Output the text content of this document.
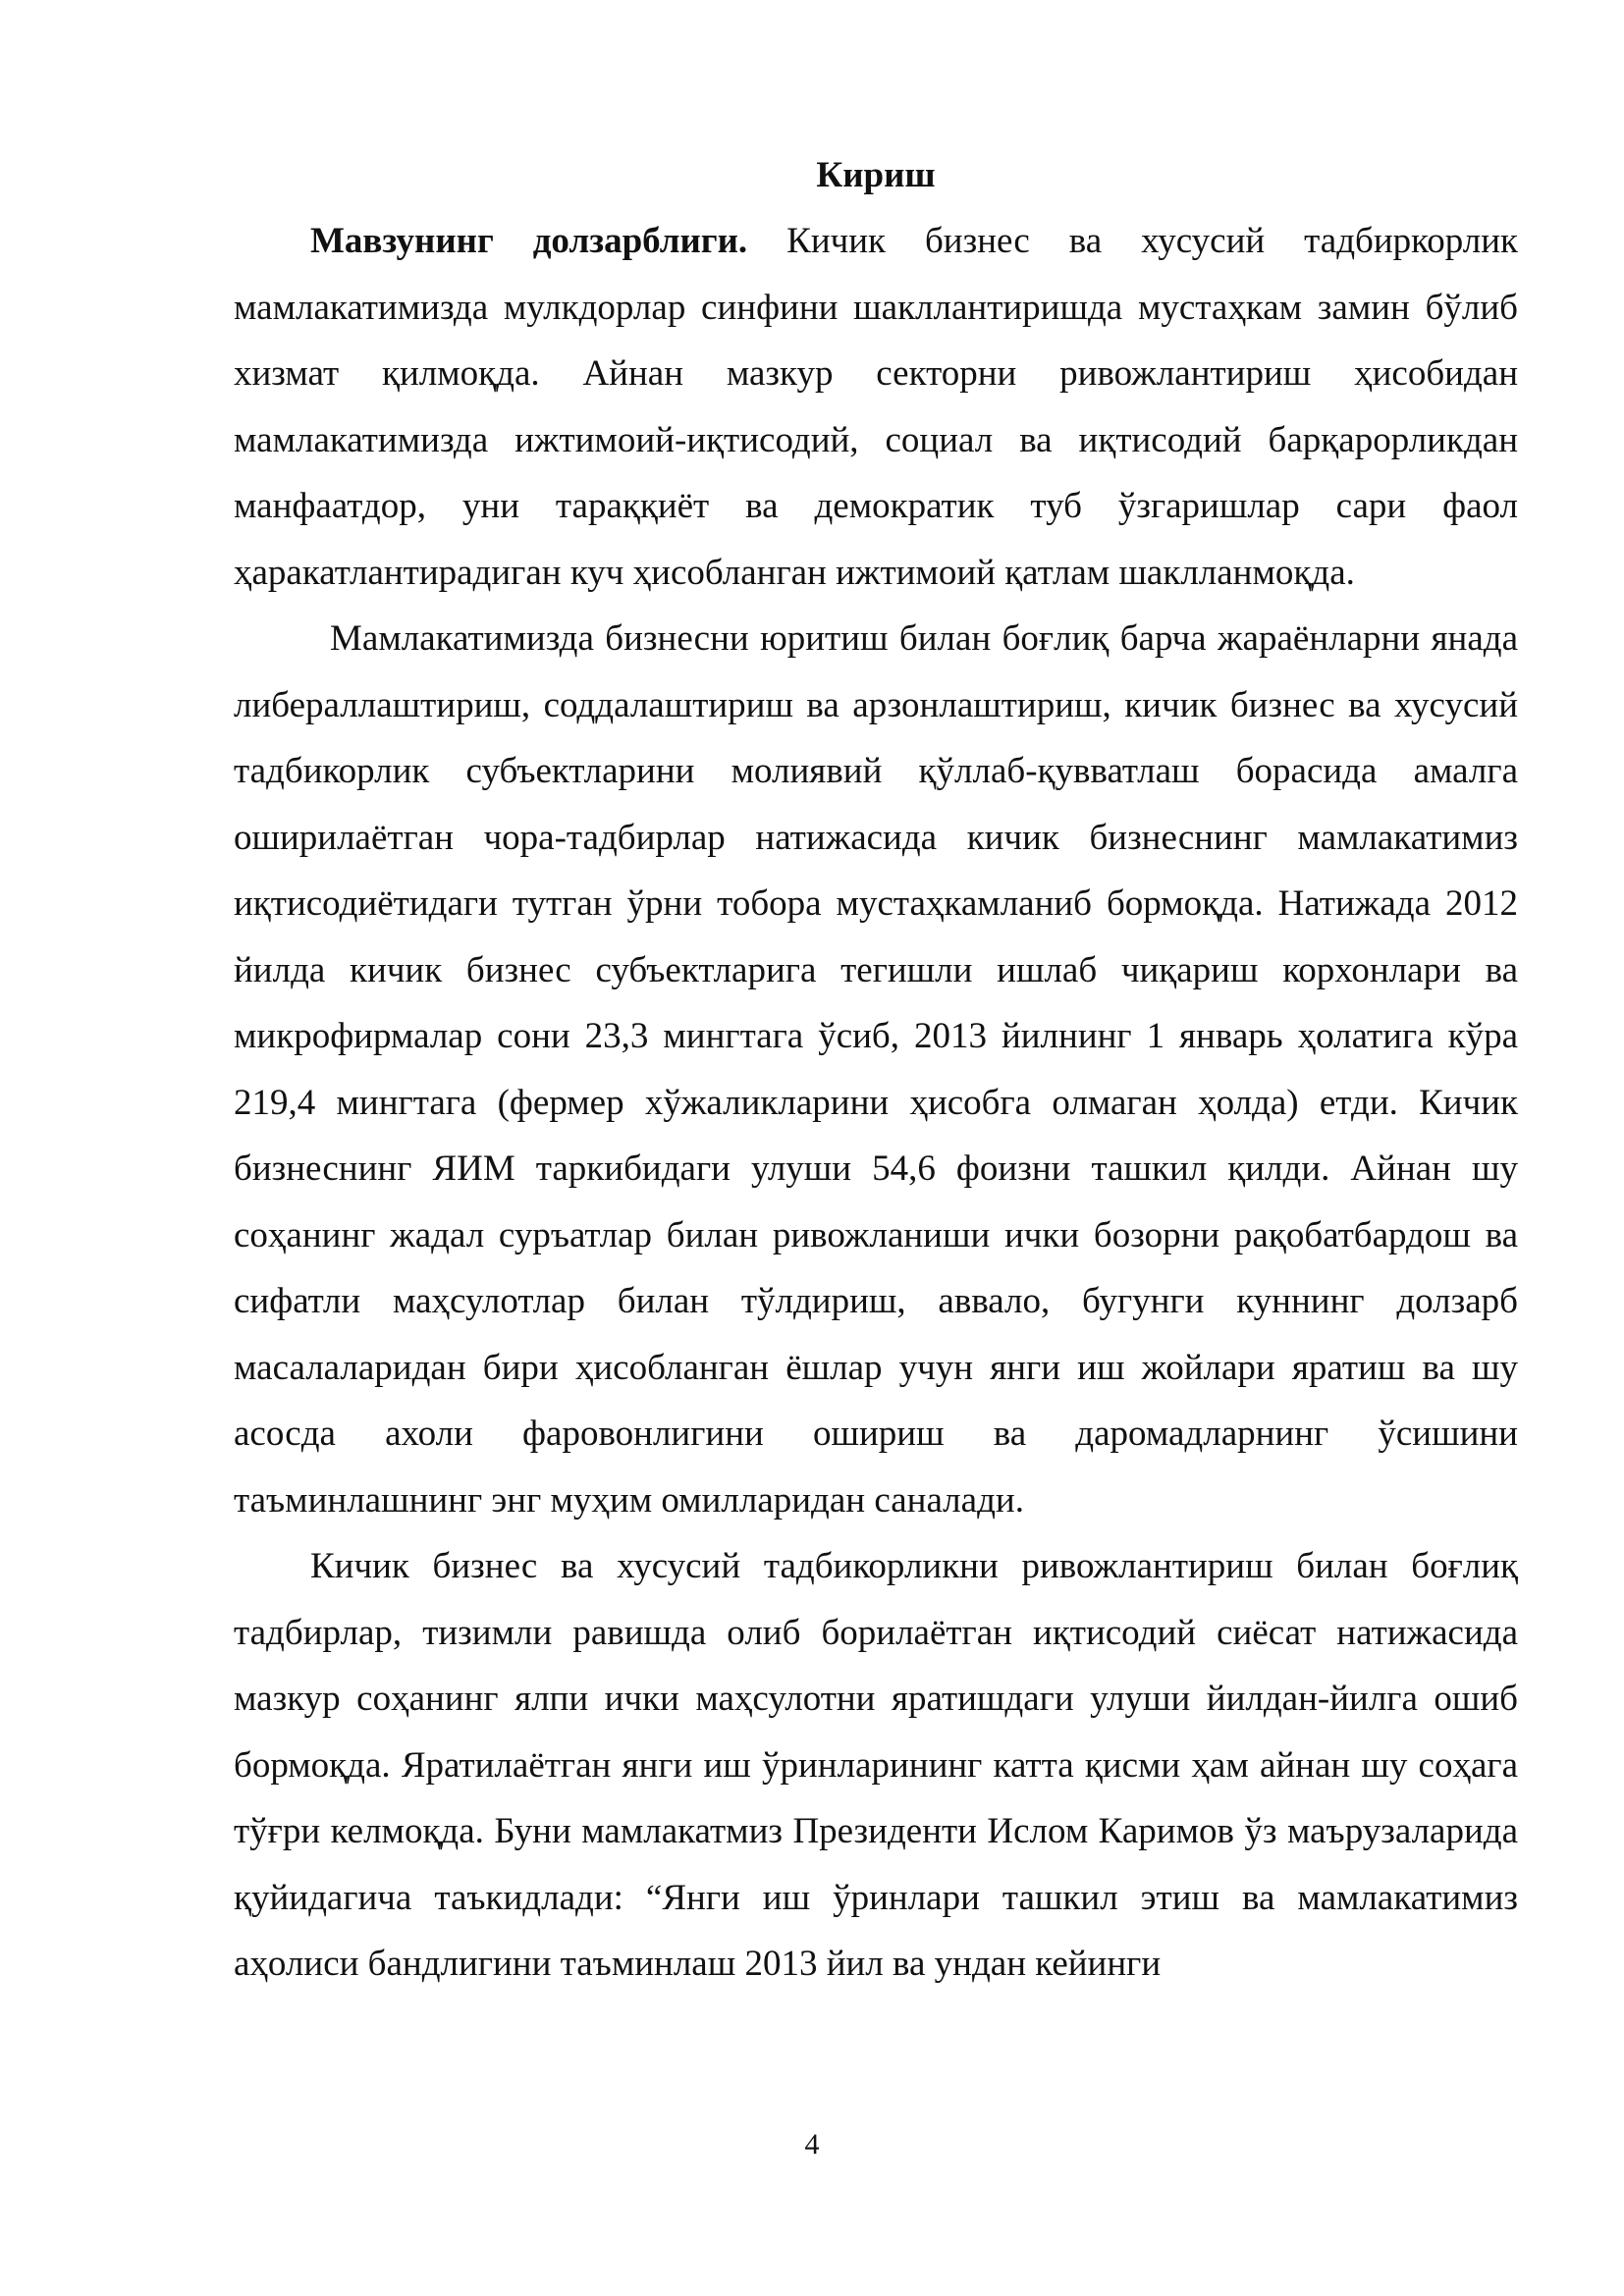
Кириш

Мавзунинг долзарблиги. Кичик бизнес ва хусусий тадбиркорлик мамлакатимизда мулкдорлар синфини шакллантиришда мустаҳкам замин бўлиб хизмат қилмоқда. Айнан мазкур секторни ривожлантириш ҳисобидан мамлакатимизда ижтимоий-иқтисодий, социал ва иқтисодий барқарорликдан манфаатдор, уни тараққиёт ва демократик туб ўзгаришлар сари фаол ҳаракатлантирадиган куч ҳисобланган ижтимоий қатлам шаклланмоқда.

Мамлакатимизда бизнесни юритиш билан боғлиқ барча жараёнларни янада либераллаштириш, соддалаштириш ва арзонлаштириш, кичик бизнес ва хусусий тадбикорлик субъектларини молиявий қўллаб-қувватлаш борасида амалга оширилаётган чора-тадбирлар натижасида кичик бизнеснинг мамлакатимиз иқтисодиётидаги тутган ўрни тобора мустаҳкамланиб бормоқда. Натижада 2012 йилда кичик бизнес субъектларига тегишли ишлаб чиқариш корхонлари ва микрофирмалар сони 23,3 мингтага ўсиб, 2013 йилнинг 1 январь ҳолатига кўра 219,4 мингтага (фермер хўжаликларини ҳисобга олмаган ҳолда) етди. Кичик бизнеснинг ЯИМ таркибидаги улуши 54,6 фоизни ташкил қилди. Айнан шу соҳанинг жадал суръатлар билан ривожланиши ички бозорни рақобатбардош ва сифатли маҳсулотлар билан тўлдириш, аввало, бугунги куннинг долзарб масалаларидан бири ҳисобланган ёшлар учун янги иш жойлари яратиш ва шу асосда ахоли фаровонлигини ошириш ва даромадларнинг ўсишини таъминлашнинг энг муҳим омилларидан саналади.

Кичик бизнес ва хусусий тадбикорликни ривожлантириш билан боғлиқ тадбирлар, тизимли равишда олиб борилаётган иқтисодий сиёсат натижасида мазкур соҳанинг ялпи ички маҳсулотни яратишдаги улуши йилдан-йилга ошиб бормоқда. Яратилаётган янги иш ўринларининг катта қисми ҳам айнан шу соҳага тўғри келмоқда. Буни мамлакатмиз Президенти Ислом Каримов ўз маърузаларида қуйидагича таъкидлади: “Янги иш ўринлари ташкил этиш ва мамлакатимиз аҳолиси бандлигини таъминлаш 2013 йил ва ундан кейинги

4
